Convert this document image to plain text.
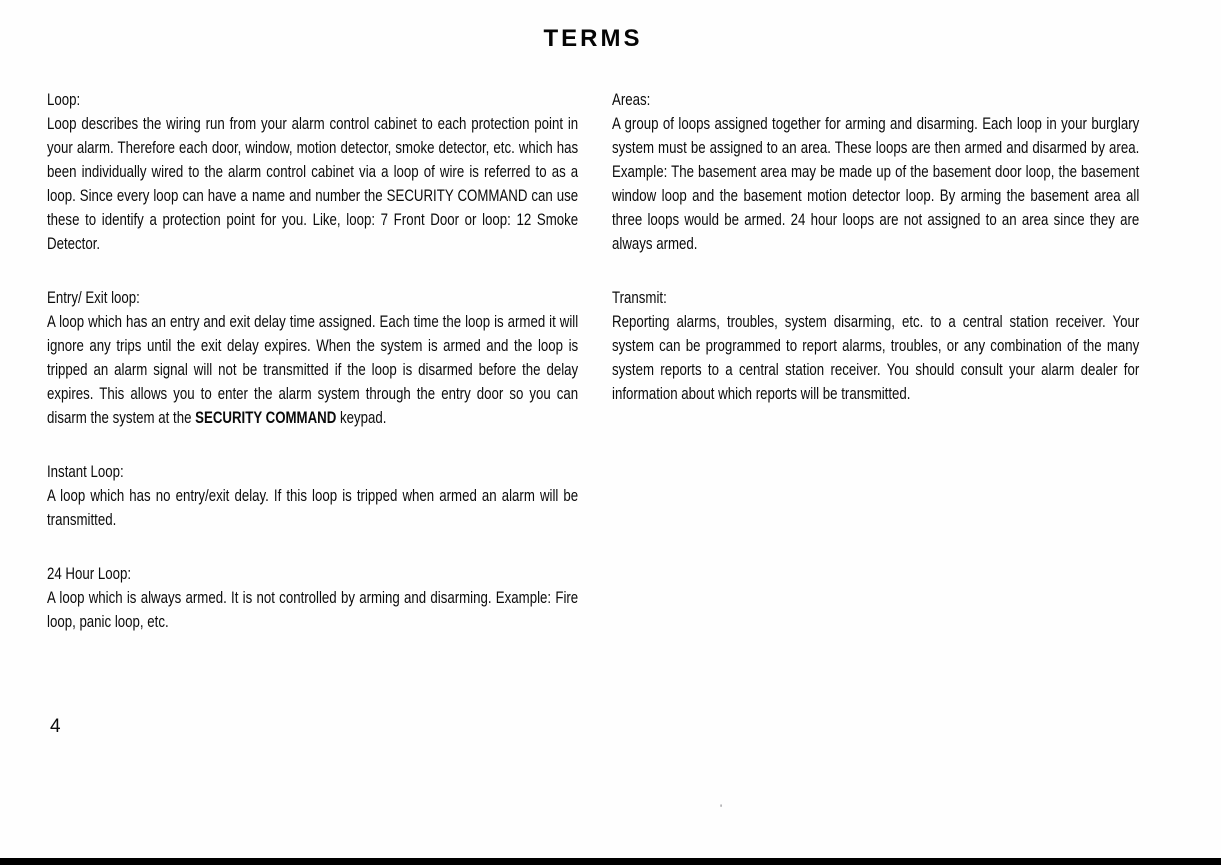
TERMS
Loop:

Loop describes the wiring run from your alarm control cabinet to each protection point in your alarm. Therefore each door, window, motion detector, smoke detector, etc. which has been individually wired to the alarm control cabinet via a loop of wire is referred to as a loop. Since every loop can have a name and number the SECURITY COMMAND can use these to identify a protection point for you. Like, loop: 7 Front Door or loop: 12 Smoke Detector.

Entry/ Exit loop:

A loop which has an entry and exit delay time assigned. Each time the loop is armed it will ignore any trips until the exit delay expires. When the system is armed and the loop is tripped an alarm signal will not be transmitted if the loop is disarmed before the delay expires. This allows you to enter the alarm system through the entry door so you can disarm the system at the SECURITY COMMAND keypad.

Instant Loop:

A loop which has no entry/exit delay. If this loop is tripped when armed an alarm will be transmitted.

24 Hour Loop:

A loop which is always armed. It is not controlled by arming and disarming. Example: Fire loop, panic loop, etc.

Areas:

A group of loops assigned together for arming and disarming. Each loop in your burglary system must be assigned to an area. These loops are then armed and disarmed by area. Example: The basement area may be made up of the basement door loop, the basement window loop and the basement motion detector loop. By arming the basement area all three loops would be armed. 24 hour loops are not assigned to an area since they are always armed.

Transmit:

Reporting alarms, troubles, system disarming, etc. to a central station receiver. Your system can be programmed to report alarms, troubles, or any combination of the many system reports to a central station receiver. You should consult your alarm dealer for information about which reports will be transmitted.

4
'
